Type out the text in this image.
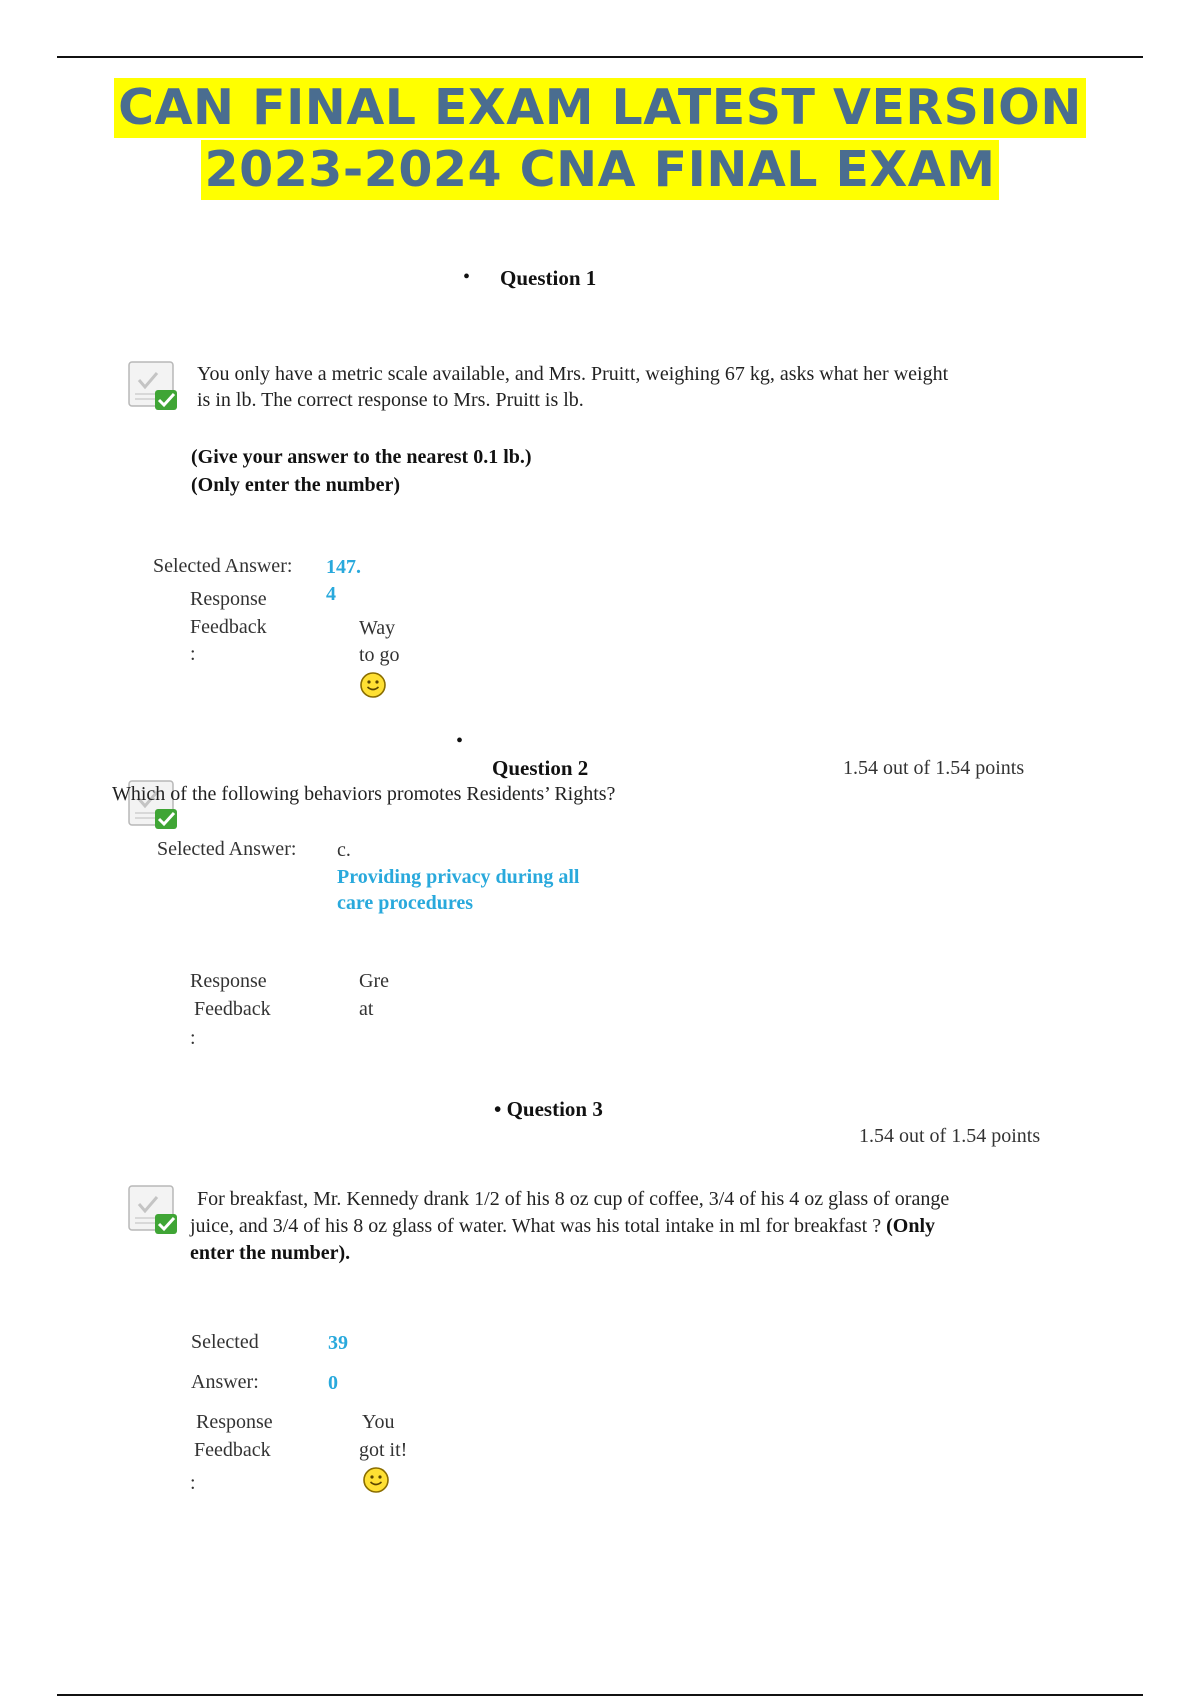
CAN FINAL EXAM LATEST VERSION
2023-2024 CNA FINAL EXAM
• Question 1
You only have a metric scale available, and Mrs. Pruitt, weighing 67 kg, asks what her weight
is in lb. The correct response to Mrs. Pruitt is lb.
(Give your answer to the nearest 0.1 lb.)
(Only enter the number)
Selected Answer: 147.
4
Response
Feedback
:
Way
to go
•
Question 2	1.54 out of 1.54 points
Which of the following behaviors promotes Residents’ Rights?
Selected Answer: c.
Providing privacy during all
care procedures
Response
Feedback
:
Gre
at
• Question 3
1.54 out of 1.54 points
For breakfast, Mr. Kennedy drank 1/2 of his 8 oz cup of coffee, 3/4 of his 4 oz glass of orange
juice, and 3/4 of his 8 oz glass of water. What was his total intake in ml for breakfast ? (Only
enter the number).
Selected
Answer:
39
0
Response
Feedback
:
You
got it!
